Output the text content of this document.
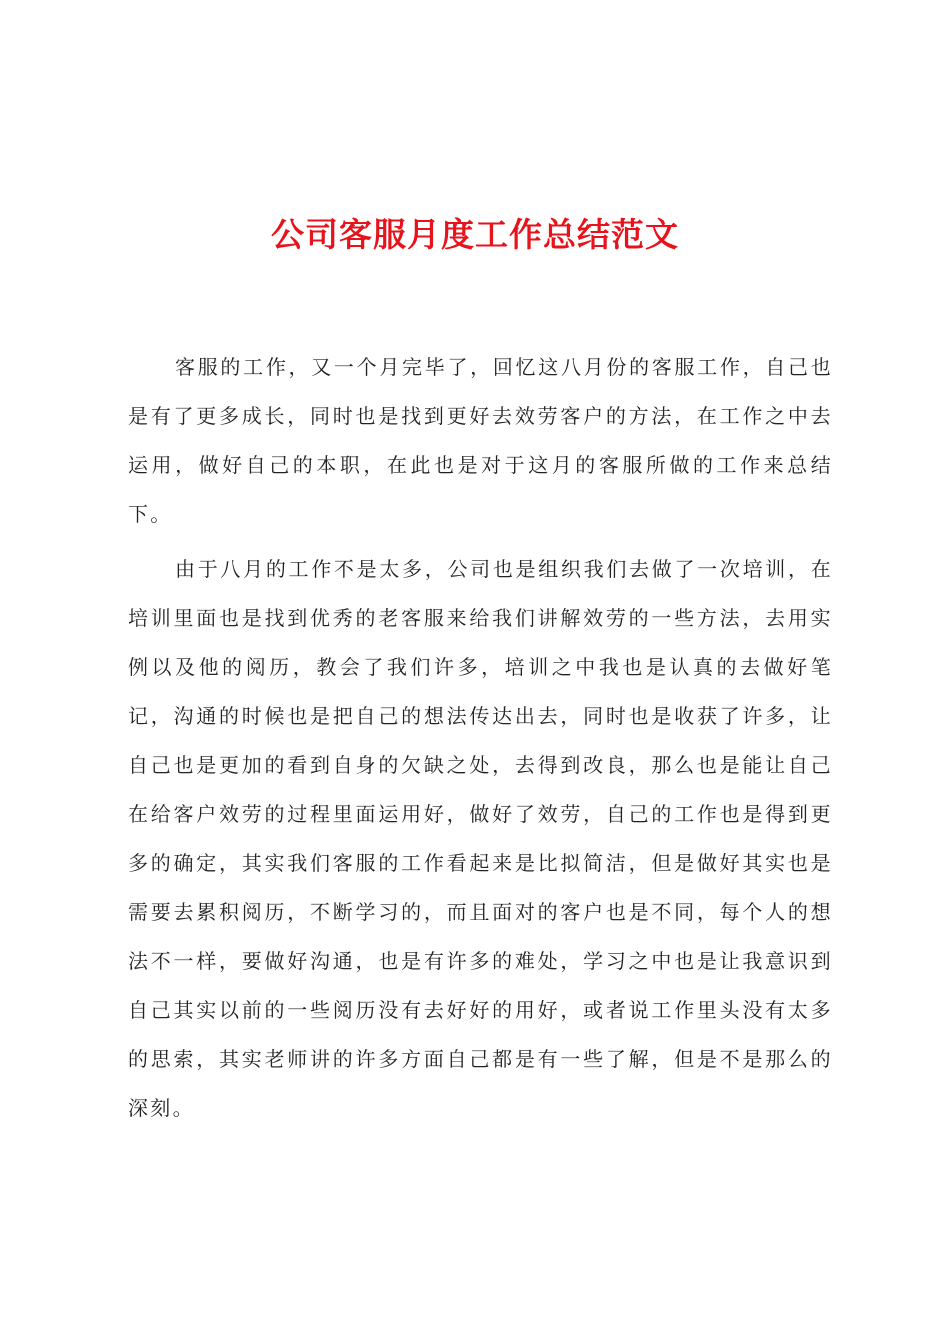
公司客服月度工作总结范文

客服的工作，又一个月完毕了，回忆这八月份的客服工作，自己也是有了更多成长，同时也是找到更好去效劳客户的方法，在工作之中去运用，做好自己的本职，在此也是对于这月的客服所做的工作来总结下。

由于八月的工作不是太多，公司也是组织我们去做了一次培训，在培训里面也是找到优秀的老客服来给我们讲解效劳的一些方法，去用实例以及他的阅历，教会了我们许多，培训之中我也是认真的去做好笔记，沟通的时候也是把自己的想法传达出去，同时也是收获了许多，让自己也是更加的看到自身的欠缺之处，去得到改良，那么也是能让自己在给客户效劳的过程里面运用好，做好了效劳，自己的工作也是得到更多的确定，其实我们客服的工作看起来是比拟简洁，但是做好其实也是需要去累积阅历，不断学习的，而且面对的客户也是不同，每个人的想法不一样，要做好沟通，也是有许多的难处，学习之中也是让我意识到自己其实以前的一些阅历没有去好好的用好，或者说工作里头没有太多的思索，其实老师讲的许多方面自己都是有一些了解，但是不是那么的深刻。
